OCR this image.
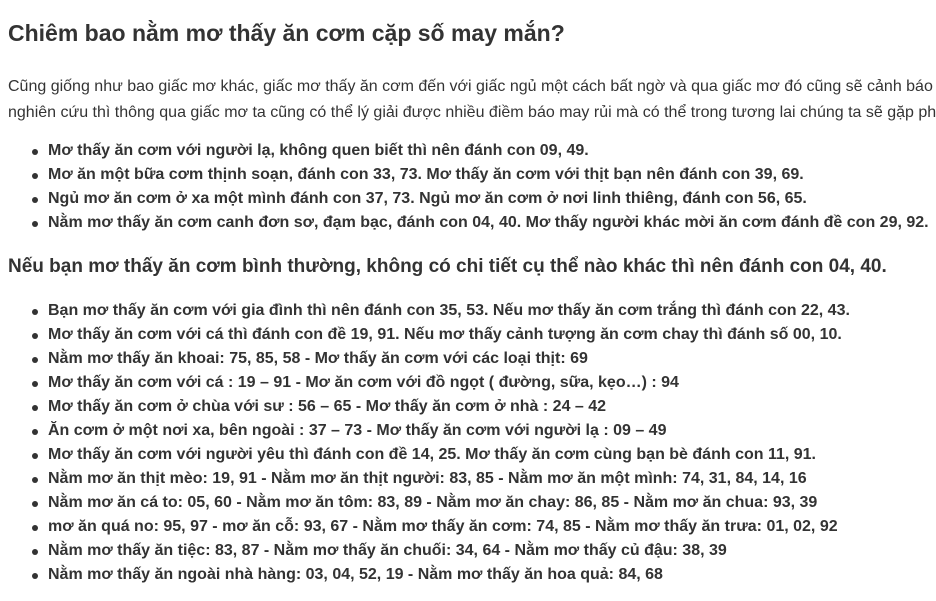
Chiêm bao nằm mơ thấy ăn cơm cặp số may mắn?

Cũng giống như bao giấc mơ khác, giấc mơ thấy ăn cơm đến với giấc ngủ một cách bất ngờ và qua giấc mơ đó cũng sẽ cảnh báo
nghiên cứu thì thông qua giấc mơ ta cũng có thể lý giải được nhiều điềm báo may rủi mà có thể trong tương lai chúng ta sẽ gặp ph

Mơ thấy ăn cơm với người lạ, không quen biết thì nên đánh con 09, 49.
Mơ ăn một bữa cơm thịnh soạn, đánh con 33, 73. Mơ thấy ăn cơm với thịt bạn nên đánh con 39, 69.
Ngủ mơ ăn cơm ở xa một mình đánh con 37, 73. Ngủ mơ ăn cơm ở nơi linh thiêng, đánh con 56, 65.
Nằm mơ thấy ăn cơm canh đơn sơ, đạm bạc, đánh con 04, 40. Mơ thấy người khác mời ăn cơm đánh đề con 29, 92.
Nếu bạn mơ thấy ăn cơm bình thường, không có chi tiết cụ thể nào khác thì nên đánh con 04, 40.
Bạn mơ thấy ăn cơm với gia đình thì nên đánh con 35, 53. Nếu mơ thấy ăn cơm trắng thì đánh con 22, 43.
Mơ thấy ăn cơm với cá thì đánh con đề 19, 91. Nếu mơ thấy cảnh tượng ăn cơm chay thì đánh số 00, 10.
Nằm mơ thấy ăn khoai: 75, 85, 58 - Mơ thấy ăn cơm với các loại thịt: 69
Mơ thấy ăn cơm với cá : 19 – 91 - Mơ ăn cơm với đồ ngọt ( đường, sữa, kẹo…) : 94
Mơ thấy ăn cơm ở chùa với sư : 56 – 65 - Mơ thấy ăn cơm ở nhà : 24 – 42
Ăn cơm ở một nơi xa, bên ngoài : 37 – 73 - Mơ thấy ăn cơm với người lạ : 09 – 49
Mơ thấy ăn cơm với người yêu thì đánh con đề 14, 25. Mơ thấy ăn cơm cùng bạn bè đánh con 11, 91.
Nằm mơ ăn thịt mèo: 19, 91 - Nằm mơ ăn thịt người: 83, 85 - Nằm mơ ăn một mình: 74, 31, 84, 14, 16
Nằm mơ ăn cá to: 05, 60 - Nằm mơ ăn tôm: 83, 89 - Nằm mơ ăn chay: 86, 85 - Nằm mơ ăn chua: 93, 39
mơ ăn quá no: 95, 97 - mơ ăn cỗ: 93, 67 - Nằm mơ thấy ăn cơm: 74, 85 - Nằm mơ thấy ăn trưa: 01, 02, 92
Nằm mơ thấy ăn tiệc: 83, 87 - Nằm mơ thấy ăn chuối: 34, 64 - Nằm mơ thấy củ đậu: 38, 39
Nằm mơ thấy ăn ngoài nhà hàng: 03, 04, 52, 19 - Nằm mơ thấy ăn hoa quả: 84, 68
